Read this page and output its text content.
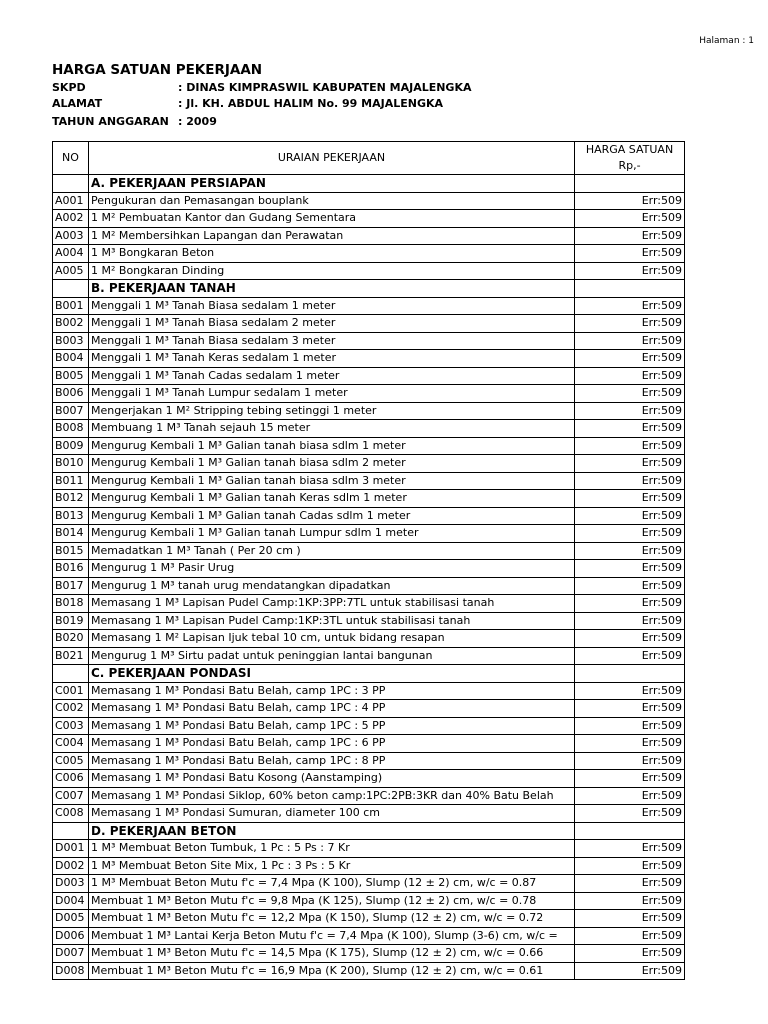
Halaman : 1
HARGA SATUAN PEKERJAAN
SKPD	: DINAS KIMPRASWIL KABUPATEN MAJALENGKA
ALAMAT	: Jl. KH. ABDUL HALIM No. 99 MAJALENGKA
TAHUN ANGGARAN : 2009
NO	URAIAN PEKERJAAN	HARGA SATUAN
Rp,-

	A. PEKERJAAN PERSIAPAN	
A001	Pengukuran dan Pemasangan bouplank	Err:509
A002	1 M² Pembuatan Kantor dan Gudang Sementara	Err:509
A003	1 M² Membersihkan Lapangan dan Perawatan	Err:509
A004	1 M³ Bongkaran Beton	Err:509
A005	1 M² Bongkaran Dinding	Err:509
	B. PEKERJAAN TANAH	
B001	Menggali 1 M³ Tanah Biasa sedalam 1 meter	Err:509
B002	Menggali 1 M³ Tanah Biasa sedalam 2 meter	Err:509
B003	Menggali 1 M³ Tanah Biasa sedalam 3 meter	Err:509
B004	Menggali 1 M³ Tanah Keras sedalam 1 meter	Err:509
B005	Menggali 1 M³ Tanah Cadas sedalam 1 meter	Err:509
B006	Menggali 1 M³ Tanah Lumpur sedalam 1 meter	Err:509
B007	Mengerjakan 1 M² Stripping tebing setinggi 1 meter	Err:509
B008	Membuang 1 M³ Tanah sejauh 15 meter	Err:509
B009	Mengurug Kembali 1 M³ Galian tanah biasa sdlm 1 meter	Err:509
B010	Mengurug Kembali 1 M³ Galian tanah biasa sdlm 2 meter	Err:509
B011	Mengurug Kembali 1 M³ Galian tanah biasa sdlm 3 meter	Err:509
B012	Mengurug Kembali 1 M³ Galian tanah Keras sdlm 1 meter	Err:509
B013	Mengurug Kembali 1 M³ Galian tanah Cadas sdlm 1 meter	Err:509
B014	Mengurug Kembali 1 M³ Galian tanah Lumpur sdlm 1 meter	Err:509
B015	Memadatkan 1 M³ Tanah ( Per 20 cm )	Err:509
B016	Mengurug 1 M³ Pasir Urug	Err:509
B017	Mengurug 1 M³ tanah urug mendatangkan dipadatkan	Err:509
B018	Memasang 1 M³ Lapisan Pudel Camp:1KP:3PP:7TL untuk stabilisasi tanah	Err:509
B019	Memasang 1 M³ Lapisan Pudel Camp:1KP:3TL untuk stabilisasi tanah	Err:509
B020	Memasang 1 M² Lapisan Ijuk tebal 10 cm, untuk bidang resapan	Err:509
B021	Mengurug 1 M³ Sirtu padat untuk peninggian lantai bangunan	Err:509
	C. PEKERJAAN PONDASI	
C001	Memasang 1 M³ Pondasi Batu Belah, camp 1PC : 3 PP	Err:509
C002	Memasang 1 M³ Pondasi Batu Belah, camp 1PC : 4 PP	Err:509
C003	Memasang 1 M³ Pondasi Batu Belah, camp 1PC : 5 PP	Err:509
C004	Memasang 1 M³ Pondasi Batu Belah, camp 1PC : 6 PP	Err:509
C005	Memasang 1 M³ Pondasi Batu Belah, camp 1PC : 8 PP	Err:509
C006	Memasang 1 M³ Pondasi Batu Kosong (Aanstamping)	Err:509
C007	Memasang 1 M³ Pondasi Siklop, 60% beton camp:1PC:2PB:3KR dan 40% Batu Belah	Err:509
C008	Memasang 1 M³ Pondasi Sumuran, diameter 100 cm	Err:509
	D. PEKERJAAN BETON	
D001	1 M³ Membuat Beton Tumbuk, 1 Pc : 5 Ps : 7 Kr	Err:509
D002	1 M³ Membuat Beton Site Mix, 1 Pc : 3 Ps : 5 Kr	Err:509
D003	1 M³ Membuat Beton Mutu f'c = 7,4 Mpa (K 100), Slump (12 ± 2) cm, w/c = 0.87	Err:509
D004	Membuat 1 M³ Beton Mutu f'c = 9,8 Mpa (K 125), Slump (12 ± 2) cm, w/c = 0.78	Err:509
D005	Membuat 1 M³ Beton Mutu f'c = 12,2 Mpa (K 150), Slump (12 ± 2) cm, w/c = 0.72	Err:509
D006	Membuat 1 M³ Lantai Kerja Beton Mutu f'c = 7,4 Mpa (K 100), Slump (3-6) cm, w/c =	Err:509
D007	Membuat 1 M³ Beton Mutu f'c = 14,5 Mpa (K 175), Slump (12 ± 2) cm, w/c = 0.66	Err:509
D008	Membuat 1 M³ Beton Mutu f'c = 16,9 Mpa (K 200), Slump (12 ± 2) cm, w/c = 0.61	Err:509
